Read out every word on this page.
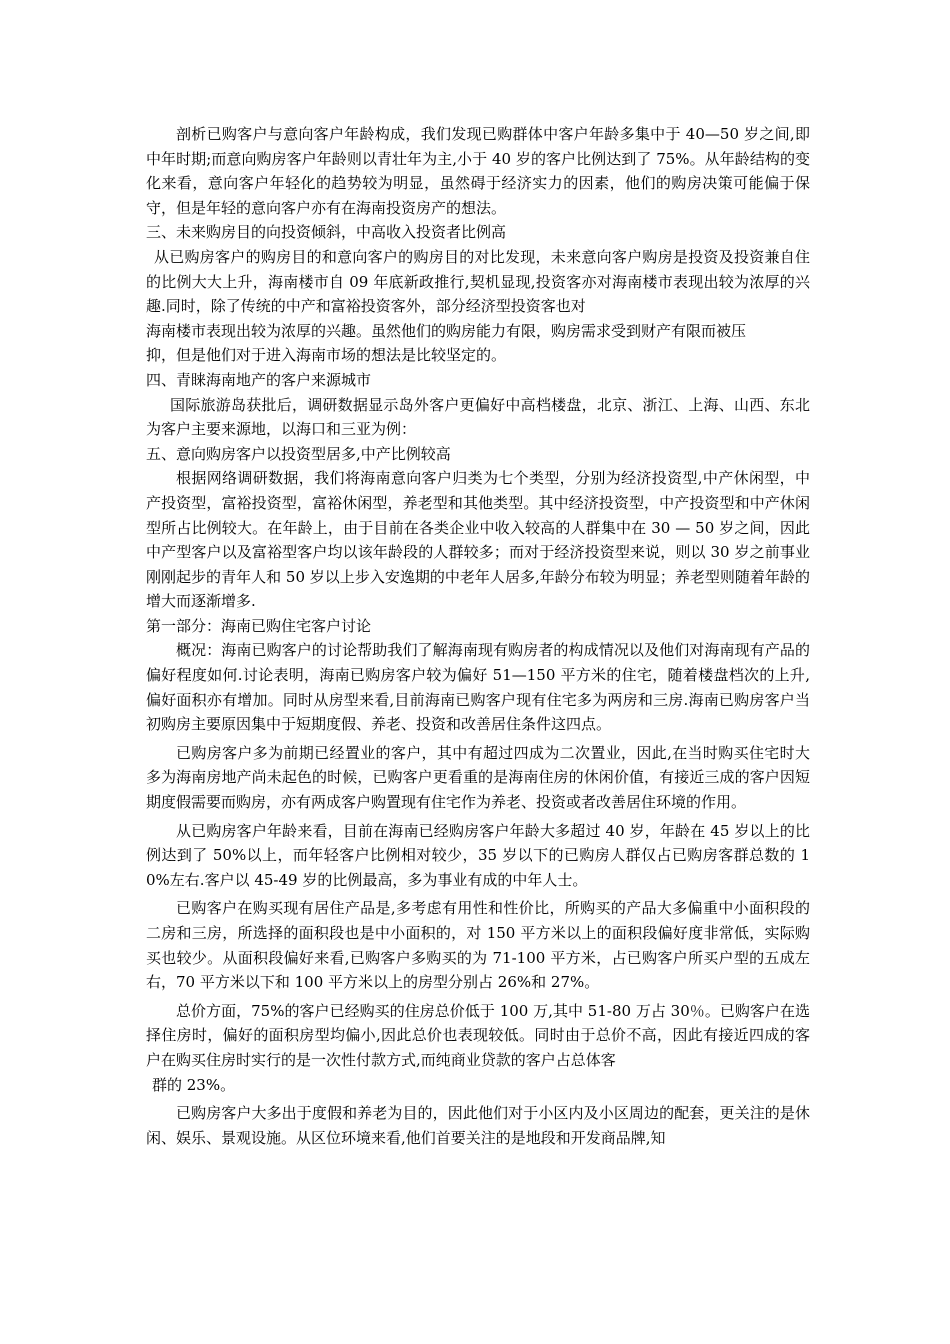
剖析已购客户与意向客户年龄构成，我们发现已购群体中客户年龄多集中于 40—50 岁之间,即中年时期;而意向购房客户年龄则以青壮年为主,小于 40 岁的客户比例达到了 75%。从年龄结构的变化来看，意向客户年轻化的趋势较为明显，虽然碍于经济实力的因素，他们的购房决策可能偏于保守，但是年轻的意向客户亦有在海南投资房产的想法。

三、未来购房目的向投资倾斜，中高收入投资者比例高

从已购房客户的购房目的和意向客户的购房目的对比发现，未来意向客户购房是投资及投资兼自住的比例大大上升，海南楼市自 09 年底新政推行,契机显现,投资客亦对海南楼市表现出较为浓厚的兴趣.同时，除了传统的中产和富裕投资客外，部分经济型投资客也对

海南楼市表现出较为浓厚的兴趣。虽然他们的购房能力有限，购房需求受到财产有限而被压

抑，但是他们对于进入海南市场的想法是比较坚定的。

四、青睐海南地产的客户来源城市

国际旅游岛获批后，调研数据显示岛外客户更偏好中高档楼盘，北京、浙江、上海、山西、东北为客户主要来源地，以海口和三亚为例：

五、意向购房客户以投资型居多,中产比例较高

根据网络调研数据，我们将海南意向客户归类为七个类型，分别为经济投资型,中产休闲型，中产投资型，富裕投资型，富裕休闲型，养老型和其他类型。其中经济投资型，中产投资型和中产休闲型所占比例较大。在年龄上，由于目前在各类企业中收入较高的人群集中在 30 — 50 岁之间，因此中产型客户以及富裕型客户均以该年龄段的人群较多；而对于经济投资型来说，则以 30 岁之前事业刚刚起步的青年人和 50 岁以上步入安逸期的中老年人居多,年龄分布较为明显；养老型则随着年龄的增大而逐渐增多.

第一部分：海南已购住宅客户讨论

概况：海南已购客户的讨论帮助我们了解海南现有购房者的构成情况以及他们对海南现有产品的偏好程度如何.讨论表明，海南已购房客户较为偏好 51—150 平方米的住宅，随着楼盘档次的上升,偏好面积亦有增加。同时从房型来看,目前海南已购客户现有住宅多为两房和三房.海南已购房客户当初购房主要原因集中于短期度假、养老、投资和改善居住条件这四点。

已购房客户多为前期已经置业的客户，其中有超过四成为二次置业，因此,在当时购买住宅时大多为海南房地产尚未起色的时候，已购客户更看重的是海南住房的休闲价值，有接近三成的客户因短期度假需要而购房，亦有两成客户购置现有住宅作为养老、投资或者改善居住环境的作用。

从已购房客户年龄来看，目前在海南已经购房客户年龄大多超过 40 岁，年龄在 45 岁以上的比例达到了 50%以上，而年轻客户比例相对较少，35 岁以下的已购房人群仅占已购房客群总数的 10%左右.客户以 45-49 岁的比例最高，多为事业有成的中年人士。

已购客户在购买现有居住产品是,多考虑有用性和性价比，所购买的产品大多偏重中小面积段的二房和三房，所选择的面积段也是中小面积的，对 150 平方米以上的面积段偏好度非常低，实际购买也较少。从面积段偏好来看,已购客户多购买的为 71-100 平方米，占已购客户所买户型的五成左右，70 平方米以下和 100 平方米以上的房型分别占 26%和 27%。

总价方面，75%的客户已经购买的住房总价低于 100 万,其中 51-80 万占 30％。已购客户在选择住房时，偏好的面积房型均偏小,因此总价也表现较低。同时由于总价不高，因此有接近四成的客户在购买住房时实行的是一次性付款方式,而纯商业贷款的客户占总体客

群的 23%。

已购房客户大多出于度假和养老为目的，因此他们对于小区内及小区周边的配套，更关注的是休闲、娱乐、景观设施。从区位环境来看,他们首要关注的是地段和开发商品牌,知
